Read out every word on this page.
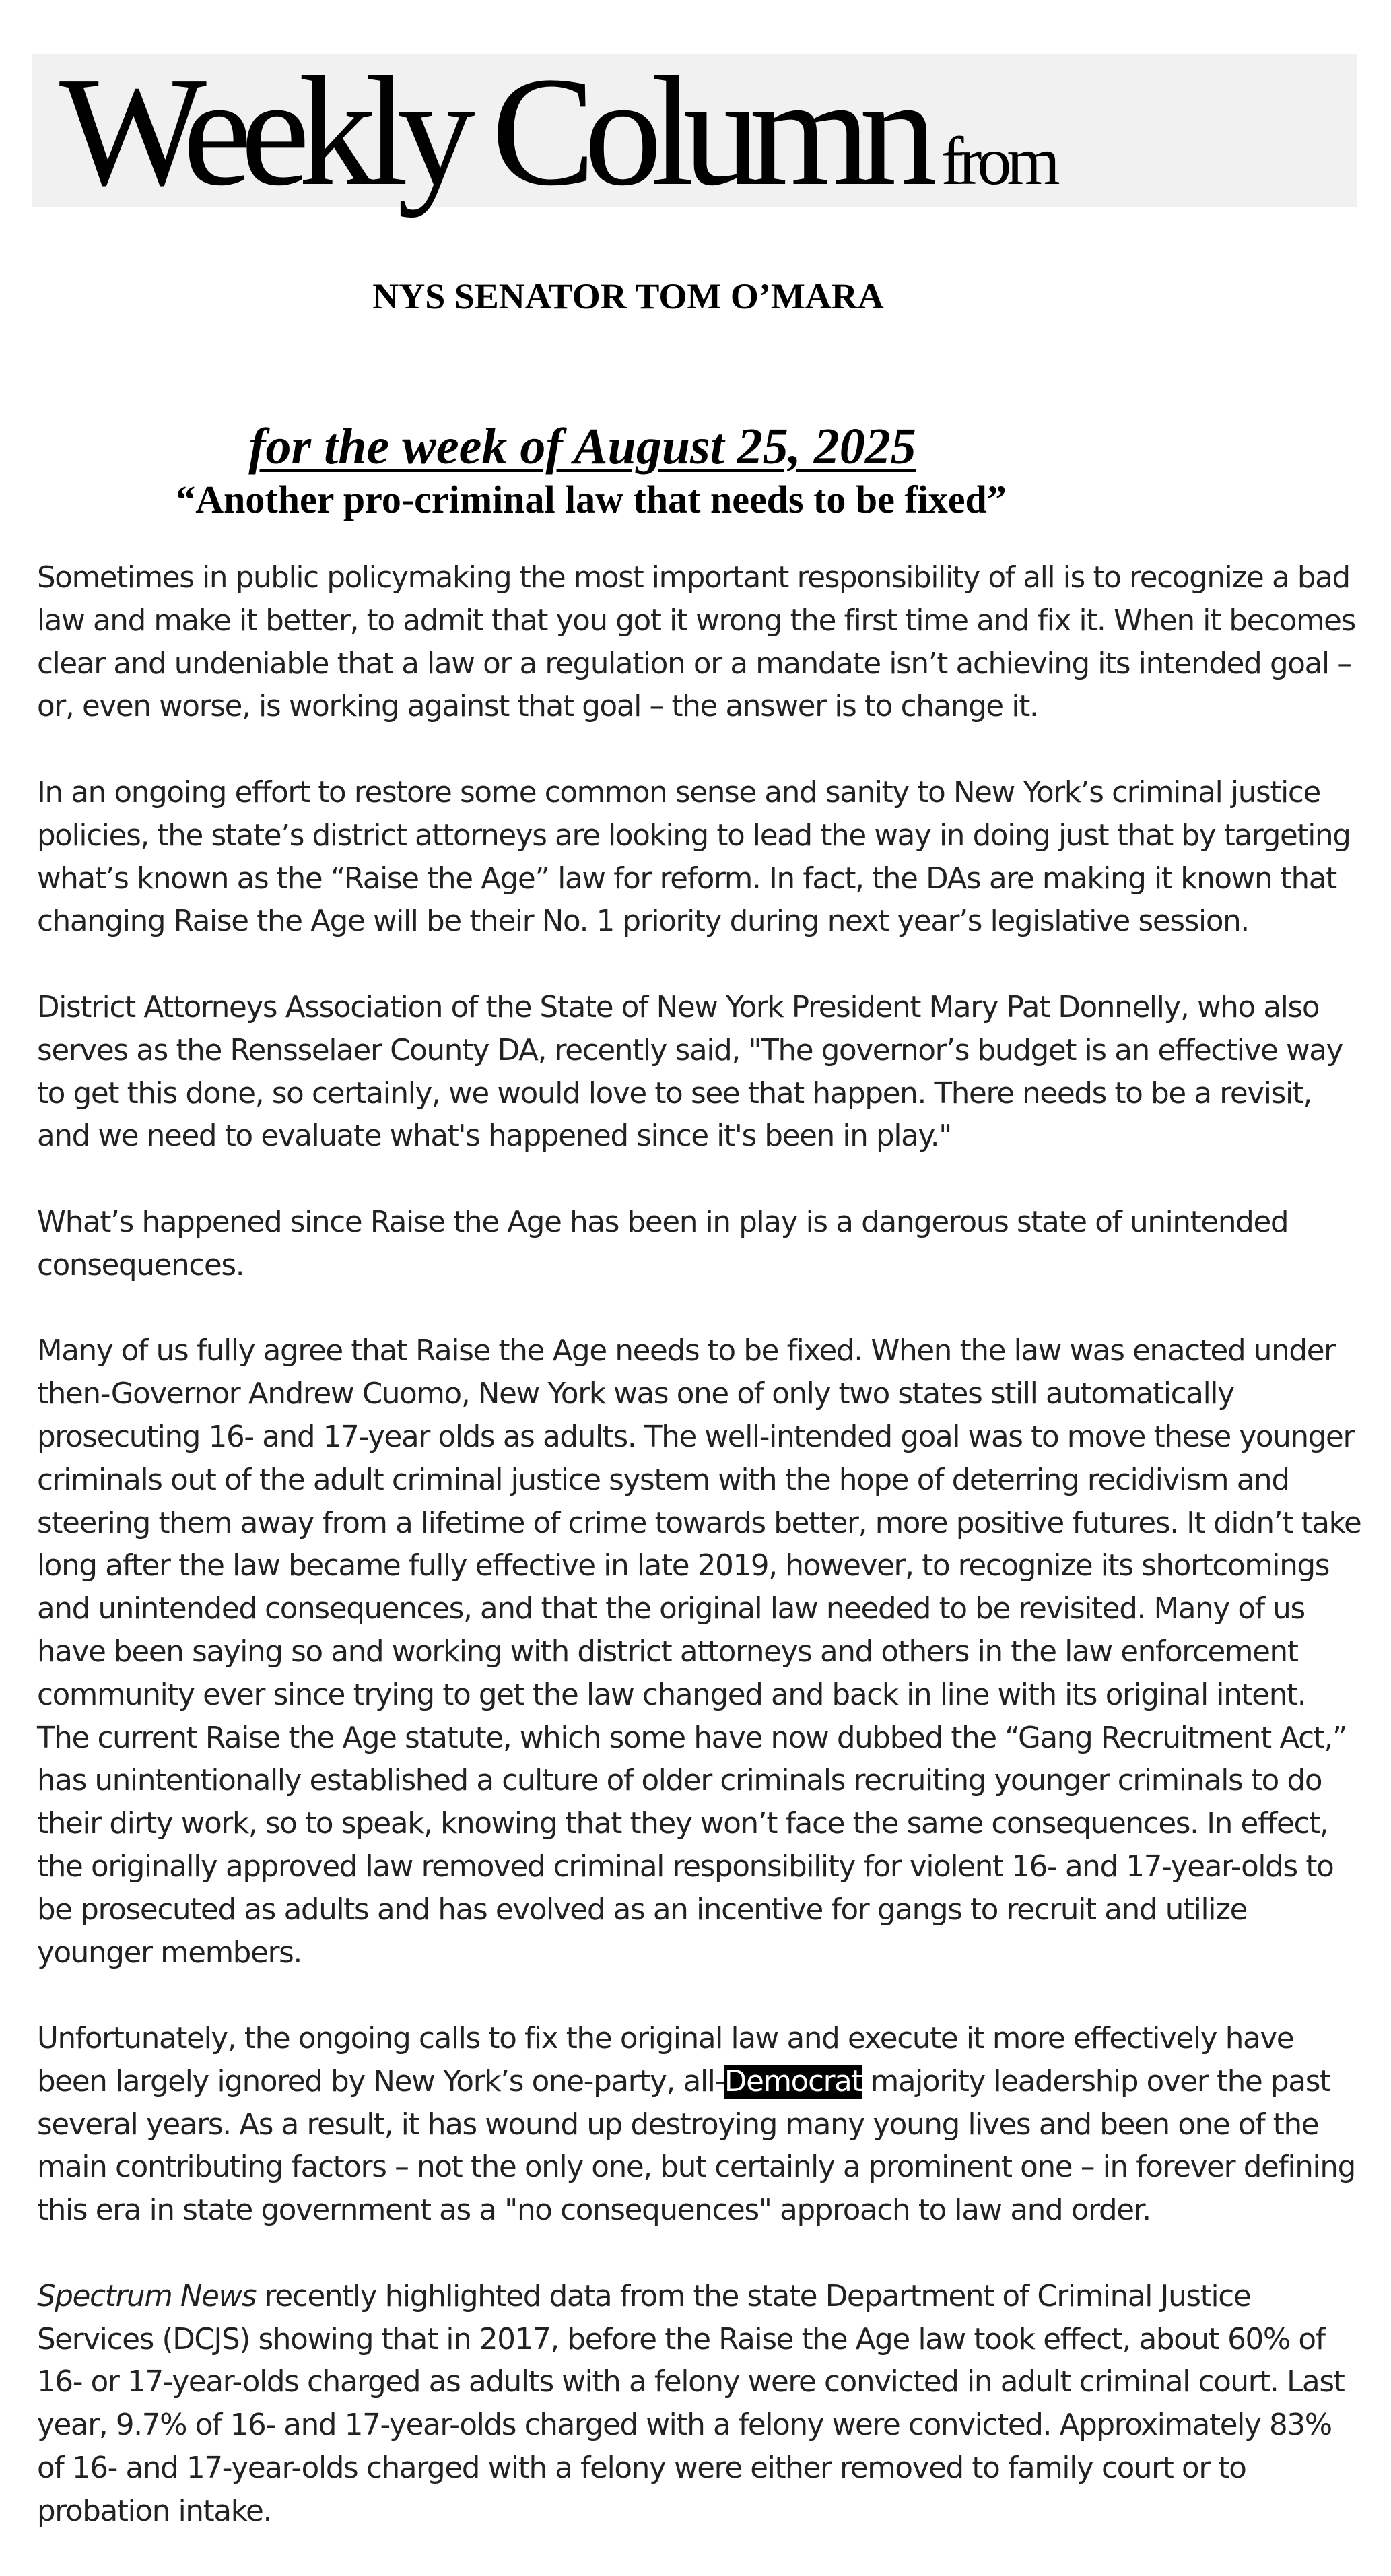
Weekly Column from
NYS SENATOR TOM O’MARA
for the week of August 25, 2025
“Another pro-criminal law that needs to be fixed”

Sometimes in public policymaking the most important responsibility of all is to recognize a bad law and make it better, to admit that you got it wrong the first time and fix it. When it becomes clear and undeniable that a law or a regulation or a mandate isn’t achieving its intended goal – or, even worse, is working against that goal – the answer is to change it.

In an ongoing effort to restore some common sense and sanity to New York’s criminal justice policies, the state’s district attorneys are looking to lead the way in doing just that by targeting what’s known as the “Raise the Age” law for reform. In fact, the DAs are making it known that changing Raise the Age will be their No. 1 priority during next year’s legislative session.

District Attorneys Association of the State of New York President Mary Pat Donnelly, who also serves as the Rensselaer County DA, recently said, "The governor’s budget is an effective way to get this done, so certainly, we would love to see that happen. There needs to be a revisit, and we need to evaluate what's happened since it's been in play."

What’s happened since Raise the Age has been in play is a dangerous state of unintended consequences.

Many of us fully agree that Raise the Age needs to be fixed. When the law was enacted under then-Governor Andrew Cuomo, New York was one of only two states still automatically prosecuting 16- and 17-year olds as adults. The well-intended goal was to move these younger criminals out of the adult criminal justice system with the hope of deterring recidivism and steering them away from a lifetime of crime towards better, more positive futures. It didn’t take long after the law became fully effective in late 2019, however, to recognize its shortcomings and unintended consequences, and that the original law needed to be revisited. Many of us have been saying so and working with district attorneys and others in the law enforcement community ever since trying to get the law changed and back in line with its original intent. The current Raise the Age statute, which some have now dubbed the “Gang Recruitment Act,” has unintentionally established a culture of older criminals recruiting younger criminals to do their dirty work, so to speak, knowing that they won’t face the same consequences. In effect, the originally approved law removed criminal responsibility for violent 16- and 17-year-olds to be prosecuted as adults and has evolved as an incentive for gangs to recruit and utilize younger members.

Unfortunately, the ongoing calls to fix the original law and execute it more effectively have been largely ignored by New York’s one-party, all-Democrat majority leadership over the past several years. As a result, it has wound up destroying many young lives and been one of the main contributing factors – not the only one, but certainly a prominent one – in forever defining this era in state government as a "no consequences" approach to law and order.

Spectrum News recently highlighted data from the state Department of Criminal Justice Services (DCJS) showing that in 2017, before the Raise the Age law took effect, about 60% of 16- or 17-year-olds charged as adults with a felony were convicted in adult criminal court. Last year, 9.7% of 16- and 17-year-olds charged with a felony were convicted. Approximately 83% of 16- and 17-year-olds charged with a felony were either removed to family court or to probation intake.
